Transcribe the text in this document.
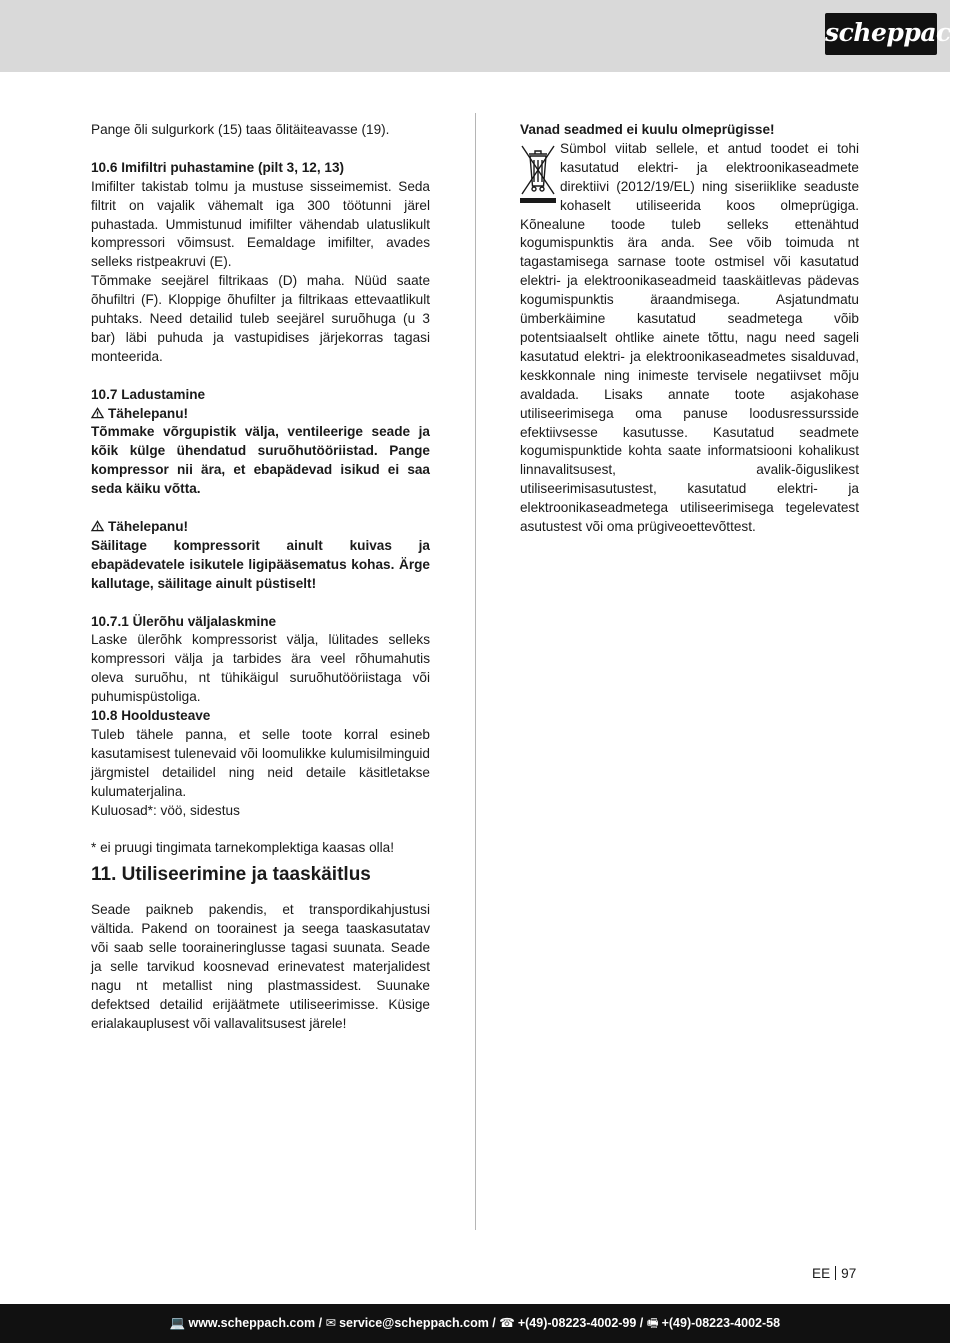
scheppach

Pange õli sulgurkork (15) taas õlitäiteavasse (19).

10.6 Imifiltri puhastamine (pilt 3, 12, 13)

Imifilter takistab tolmu ja mustuse sisseimemist. Seda filtrit on vajalik vähemalt iga 300 töötunni järel puhastada. Ummistunud imifilter vähendab ulatuslikult kompressori võimsust. Eemaldage imifilter, avades selleks ristpeakruvi (E).

Tõmmake seejärel filtrikaas (D) maha. Nüüd saate õhufiltri (F). Kloppige õhufilter ja filtrikaas ettevaatlikult puhtaks. Need detailid tuleb seejärel suruõhuga (u 3 bar) läbi puhuda ja vastupidises järjekorras tagasi monteerida.

10.7 Ladustamine

Tähelepanu!

Tõmmake võrgupistik välja, ventileerige seade ja kõik külge ühendatud suruõhutööriistad. Pange kompressor nii ära, et ebapädevad isikud ei saa seda käiku võtta.

Tähelepanu!

Säilitage kompressorit ainult kuivas ja ebapädevatele isikutele ligipääsematus kohas. Ärge kallutage, säilitage ainult püstiselt!

10.7.1 Ülerõhu väljalaskmine

Laske ülerõhk kompressorist välja, lülitades selleks kompressori välja ja tarbides ära veel rõhumahutis oleva suruõhu, nt tühikäigul suruõhutööriistaga või puhumispüstoliga.

10.8 Hooldusteave

Tuleb tähele panna, et selle toote korral esineb kasutamisest tulenevaid või loomulikke kulumisilminguid järgmistel detailidel ning neid detaile käsitletakse kulumaterjalina.

Kuluosad*: vöö, sidestus

* ei pruugi tingimata tarnekomplektiga kaasas olla!

11. Utiliseerimine ja taaskäitlus

Seade paikneb pakendis, et transpordikahjustusi vältida. Pakend on toorainest ja seega taaskasutatav või saab selle tooraineringlusse tagasi suunata. Seade ja selle tarvikud koosnevad erinevatest materjalidest nagu nt metallist ning plastmassidest. Suunake defektsed detailid erijäätmete utiliseerimisse. Küsige erialakauplusest või vallavalitsusest järele!

Vanad seadmed ei kuulu olmeprügisse!

Sümbol viitab sellele, et antud toodet ei tohi kasutatud elektri- ja elektroonikaseadmete direktiivi (2012/19/EL) ning siseriiklike seaduste kohaselt utiliseerida koos olmeprügiga. Kõnealune toode tuleb selleks ettenähtud kogumispunktis ära anda. See võib toimuda nt tagastamisega sarnase toote ostmisel või kasutatud elektri- ja elektroonikaseadmeid taaskäitlevas pädevas kogumispunktis äraandmisega. Asjatundmatu ümberkäimine kasutatud seadmetega võib potentsiaalselt ohtlike ainete tõttu, nagu need sageli kasutatud elektri- ja elektroonikaseadmetes sisalduvad, keskkonnale ning inimeste tervisele negatiivset mõju avaldada. Lisaks annate toote asjakohase utiliseerimisega oma panuse loodusressursside efektiivsesse kasutusse. Kasutatud seadmete kogumispunktide kohta saate informatsiooni kohalikust linnavalitsusest, avalik-õiguslikest utiliseerimisasutustest, kasutatud elektri- ja elektroonikaseadmetega utiliseerimisega tegelevatest asutustest või oma prügiveoettevõttest.

EE 97
💻 www.scheppach.com / ✉ service@scheppach.com / ☎ +(49)-08223-4002-99 / 🖷 +(49)-08223-4002-58
